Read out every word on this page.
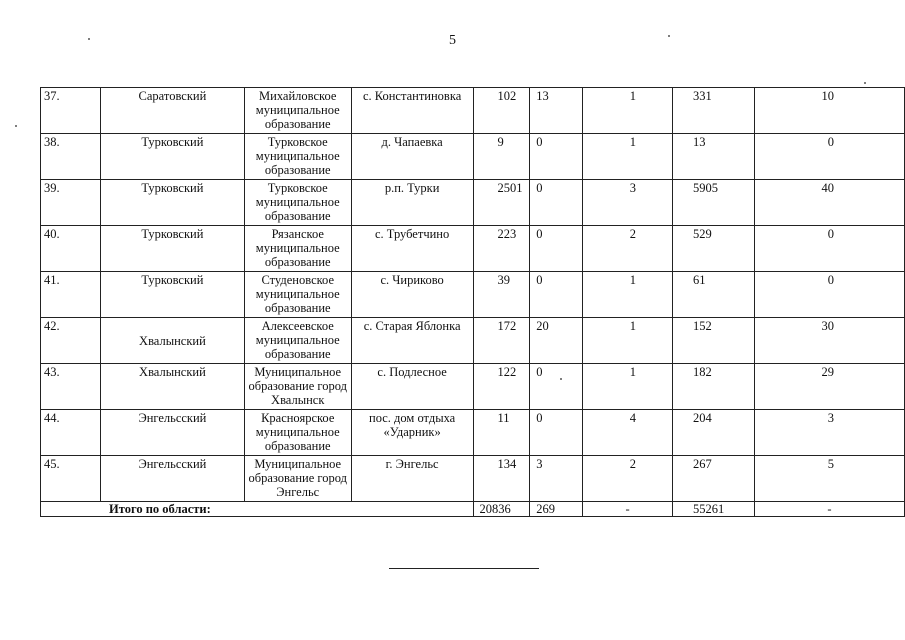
5
37.	Саратовский	Михайловское муниципальное образование	с. Константиновка	102	13	1	331	10
38.	Турковский	Турковское муниципальное образование	д. Чапаевка	9	0	1	13	0
39.	Турковский	Турковское муниципальное образование	р.п. Турки	2501	0	3	5905	40
40.	Турковский	Рязанское муниципальное образование	с. Трубетчино	223	0	2	529	0
41.	Турковский	Студеновское муниципальное образование	с. Чириково	39	0	1	61	0
42.	Хвалынский	Алексеевское муниципальное образование	с. Старая Яблонка	172	20	1	152	30
43.	Хвалынский	Муниципальное образование город Хвалынск	с. Подлесное	122	0	1	182	29
44.	Энгельсский	Красноярское муниципальное образование	пос. дом отдыха «Ударник»	11	0	4	204	3
45.	Энгельсский	Муниципальное образование город Энгельс	г. Энгельс	134	3	2	267	5
Итого по области:				20836	269	-	55261	-
